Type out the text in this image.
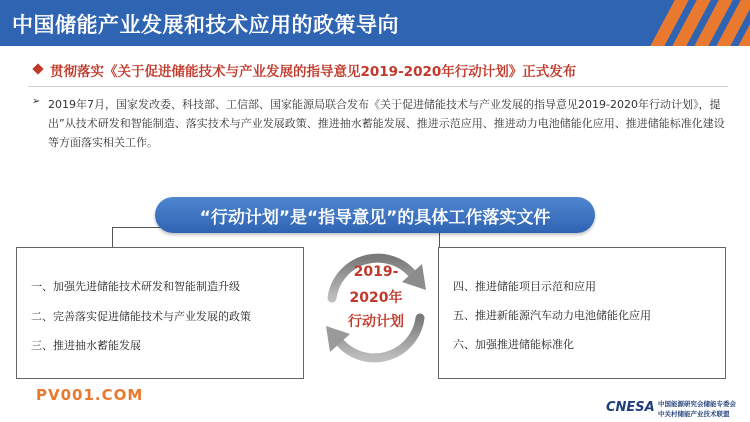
中国储能产业发展和技术应用的政策导向
贯彻落实《关于促进储能技术与产业发展的指导意见2019-2020年行动计划》正式发布
➢ 2019年7月，国家发改委、科技部、工信部、国家能源局联合发布《关于促进储能技术与产业发展的指导意见2019-2020年行动计划》，提出”从技术研发和智能制造、落实技术与产业发展政策、推进抽水蓄能发展、推进示范应用、推进动力电池储能化应用、推进储能标准化建设等方面落实相关工作。
“行动计划”是“指导意见”的具体工作落实文件
一、加强先进储能技术研发和智能制造升级
二、完善落实促进储能技术与产业发展的政策
三、推进抽水蓄能发展
四、推进储能项目示范和应用
五、推进新能源汽车动力电池储能化应用
六、加强推进储能标准化
2019-
2020年
行动计划
PV001.COM
CNESA 中国能源研究会储能专委会
中关村储能产业技术联盟
